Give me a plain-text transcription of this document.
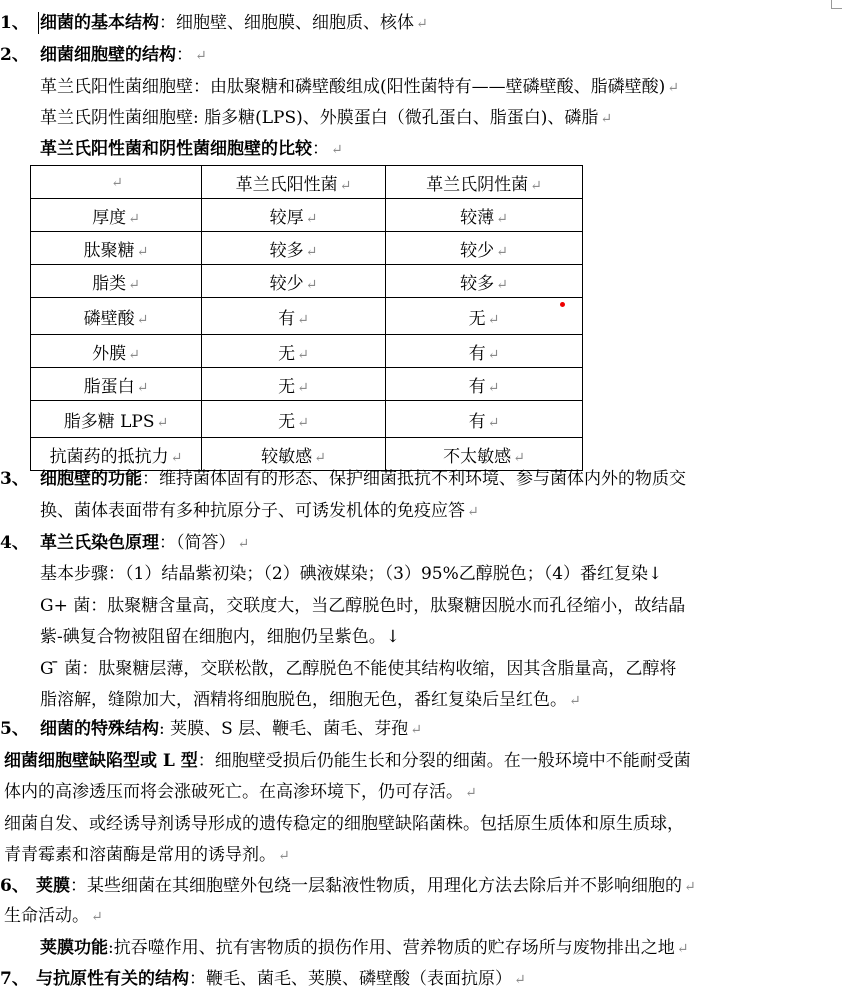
1、 细菌的基本结构：细胞壁、细胞膜、细胞质、核体 ↵
2、 细菌细胞壁的结构： ↵
革兰氏阳性菌细胞壁：由肽聚糖和磷壁酸组成(阳性菌特有——壁磷壁酸、脂磷壁酸) ↵
革兰氏阴性菌细胞壁: 脂多糖(LPS)、外膜蛋白（微孔蛋白、脂蛋白)、磷脂 ↵
革兰氏阳性菌和阴性菌细胞壁的比较： ↵
↵	革兰氏阳性菌 ↵	革兰氏阴性菌 ↵
厚度 ↵	较厚 ↵	较薄 ↵
肽聚糖 ↵	较多 ↵	较少 ↵
脂类 ↵	较少 ↵	较多 ↵
磷壁酸 ↵	有 ↵	无 ↵
外膜 ↵	无 ↵	有 ↵
脂蛋白 ↵	无 ↵	有 ↵
脂多糖 LPS ↵	无 ↵	有 ↵
抗菌药的抵抗力 ↵	较敏感 ↵	不太敏感 ↵
3、 细胞壁的功能：维持菌体固有的形态、保护细菌抵抗不利环境、参与菌体内外的物质交
换、菌体表面带有多种抗原分子、可诱发机体的免疫应答 ↵
4、 革兰氏染色原理：（简答） ↵
基本步骤：（1）结晶紫初染；（2）碘液媒染；（3）95%乙醇脱色；（4）番红复染↓
G+ 菌：肽聚糖含量高，交联度大，当乙醇脱色时，肽聚糖因脱水而孔径缩小，故结晶
紫-碘复合物被阻留在细胞内，细胞仍呈紫色。↓
G ̄ 菌：肽聚糖层薄，交联松散，乙醇脱色不能使其结构收缩，因其含脂量高，乙醇将
脂溶解，缝隙加大，酒精将细胞脱色，细胞无色，番红复染后呈红色。 ↵
5、 细菌的特殊结构: 荚膜、S 层、鞭毛、菌毛、芽孢 ↵
细菌细胞壁缺陷型或 L 型：细胞壁受损后仍能生长和分裂的细菌。在一般环境中不能耐受菌
体内的高渗透压而将会涨破死亡。在高渗环境下，仍可存活。 ↵
细菌自发、或经诱导剂诱导形成的遗传稳定的细胞壁缺陷菌株。包括原生质体和原生质球，
青青霉素和溶菌酶是常用的诱导剂。 ↵
6、 荚膜：某些细菌在其细胞壁外包绕一层黏液性物质，用理化方法去除后并不影响细胞的 ↵
生命活动。 ↵
荚膜功能:抗吞噬作用、抗有害物质的损伤作用、营养物质的贮存场所与废物排出之地 ↵
7、 与抗原性有关的结构：鞭毛、菌毛、荚膜、磷壁酸（表面抗原） ↵
